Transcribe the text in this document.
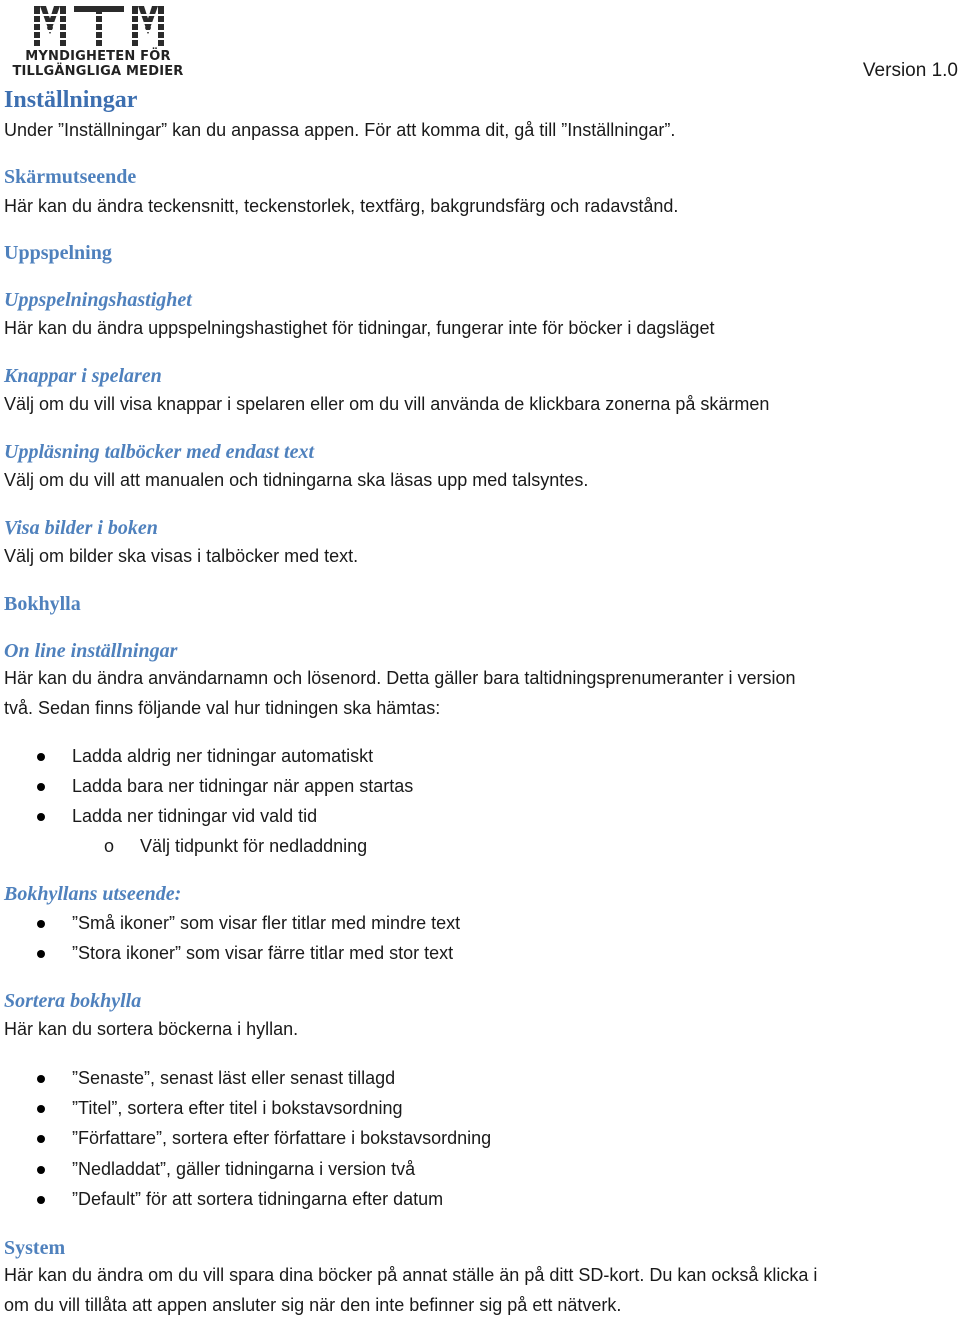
MYNDIGHETEN FÖR
TILLGÄNGLIGA MEDIER	Version 1.0
Inställningar
Under ”Inställningar” kan du anpassa appen. För att komma dit, gå till ”Inställningar”.
Skärmutseende
Här kan du ändra teckensnitt, teckenstorlek, textfärg, bakgrundsfärg och radavstånd.
Uppspelning
Uppspelningshastighet
Här kan du ändra uppspelningshastighet för tidningar, fungerar inte för böcker i dagsläget
Knappar i spelaren
Välj om du vill visa knappar i spelaren eller om du vill använda de klickbara zonerna på skärmen
Uppläsning talböcker med endast text
Välj om du vill att manualen och tidningarna ska läsas upp med talsyntes.
Visa bilder i boken
Välj om bilder ska visas i talböcker med text.
Bokhylla
On line inställningar
Här kan du ändra användarnamn och lösenord. Detta gäller bara taltidningsprenumeranter i version
två. Sedan finns följande val hur tidningen ska hämtas:
Ladda aldrig ner tidningar automatiskt
Ladda bara ner tidningar när appen startas
Ladda ner tidningar vid vald tid
o Välj tidpunkt för nedladdning
Bokhyllans utseende:
”Små ikoner” som visar fler titlar med mindre text
”Stora ikoner” som visar färre titlar med stor text
Sortera bokhylla
Här kan du sortera böckerna i hyllan.
”Senaste”, senast läst eller senast tillagd
”Titel”, sortera efter titel i bokstavsordning
”Författare”, sortera efter författare i bokstavsordning
”Nedladdat”, gäller tidningarna i version två
”Default” för att sortera tidningarna efter datum
System
Här kan du ändra om du vill spara dina böcker på annat ställe än på ditt SD-kort. Du kan också klicka i
om du vill tillåta att appen ansluter sig när den inte befinner sig på ett nätverk.
